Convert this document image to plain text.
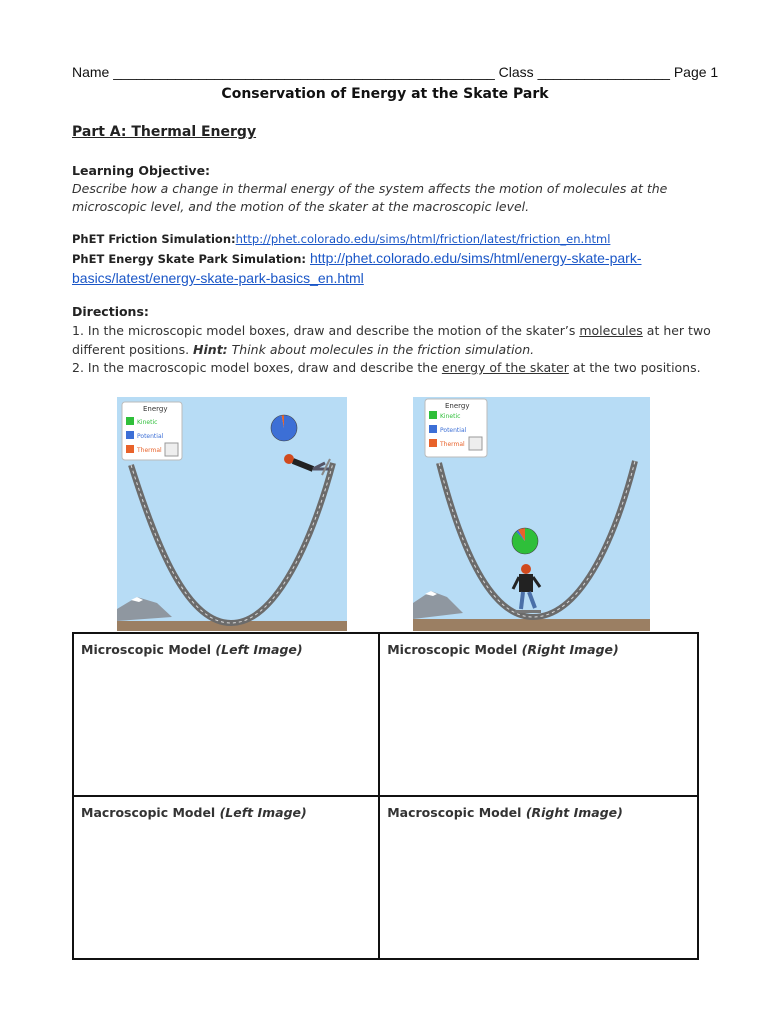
Name _________________________________________________ Class _________________ Page 1
Conservation of Energy at the Skate Park
Part A: Thermal Energy
Learning Objective:
Describe how a change in thermal energy of the system affects the motion of molecules at the microscopic level, and the motion of the skater at the macroscopic level.
PhET Friction Simulation:http://phet.colorado.edu/sims/html/friction/latest/friction_en.html
PhET Energy Skate Park Simulation: http://phet.colorado.edu/sims/html/energy-skate-park-
basics/latest/energy-skate-park-basics_en.html
Directions:
1. In the microscopic model boxes, draw and describe the motion of the skater’s molecules at her two different positions. Hint: Think about molecules in the friction simulation.
2. In the macroscopic model boxes, draw and describe the energy of the skater at the two positions.
Energy
Kinetic
Potential
Thermal
Energy
Kinetic
Potential
Thermal
Microscopic Model (Left Image)	Microscopic Model (Right Image)
Macroscopic Model (Left Image)	Macroscopic Model (Right Image)
